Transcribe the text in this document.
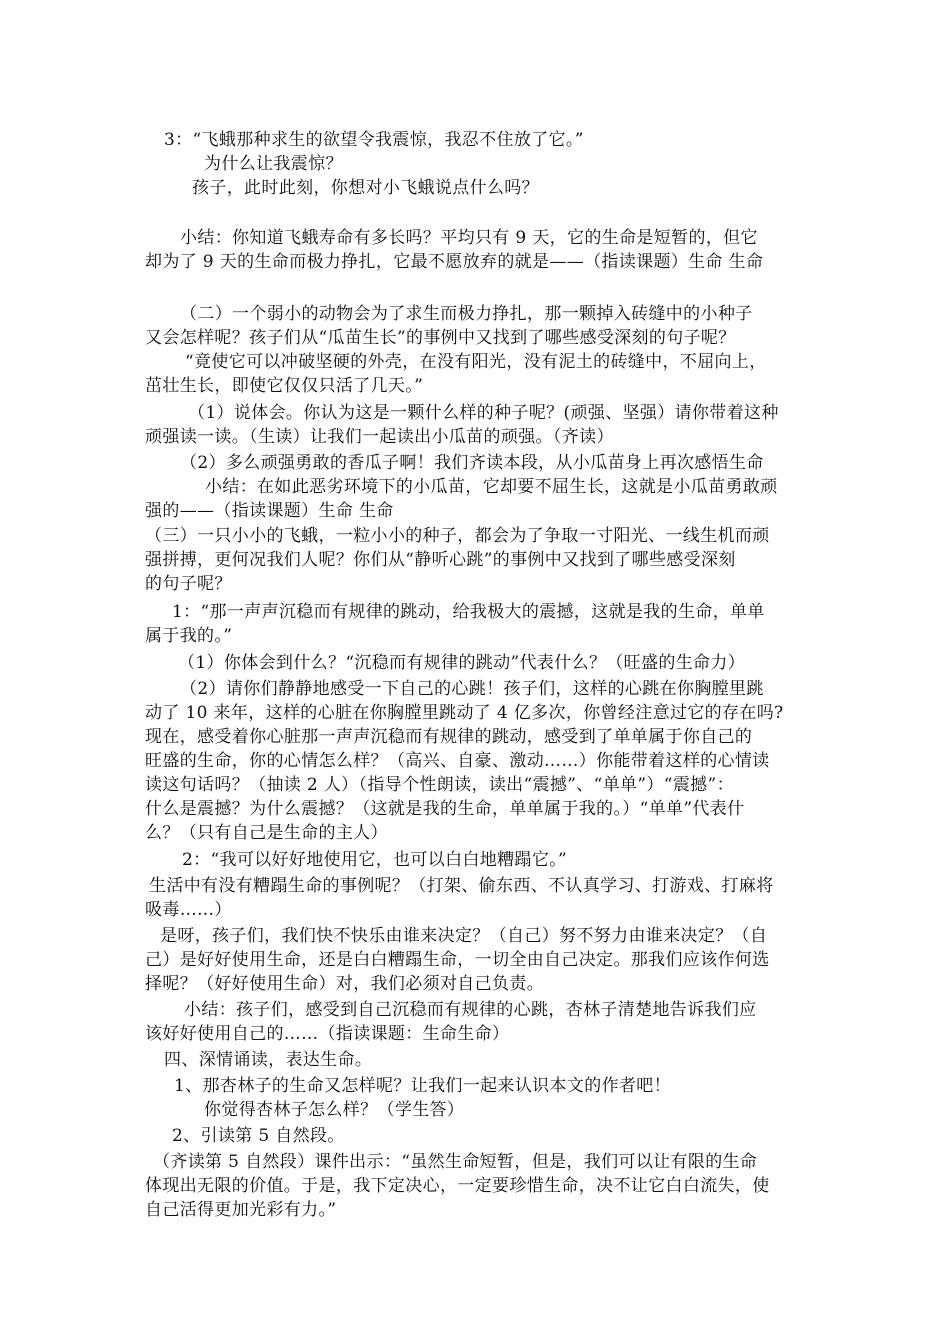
3：“飞蛾那种求生的欲望令我震惊，我忍不住放了它。”
为什么让我震惊？
孩子，此时此刻，你想对小飞蛾说点什么吗？
小结：你知道飞蛾寿命有多长吗？平均只有 9 天，它的生命是短暂的，但它
却为了 9 天的生命而极力挣扎，它最不愿放弃的就是——（指读课题）生命 生命
（二）一个弱小的动物会为了求生而极力挣扎，那一颗掉入砖缝中的小种子
又会怎样呢？孩子们从“瓜苗生长”的事例中又找到了哪些感受深刻的句子呢？
“竟使它可以冲破坚硬的外壳，在没有阳光，没有泥土的砖缝中，不屈向上，
茁壮生长，即使它仅仅只活了几天。”
（1）说体会。你认为这是一颗什么样的种子呢？(顽强、坚强）请你带着这种
顽强读一读。（生读）让我们一起读出小瓜苗的顽强。（齐读）
（2）多么顽强勇敢的香瓜子啊！我们齐读本段，从小瓜苗身上再次感悟生命
小结：在如此恶劣环境下的小瓜苗，它却要不屈生长，这就是小瓜苗勇敢顽
强的——（指读课题）生命 生命
（三）一只小小的飞蛾，一粒小小的种子，都会为了争取一寸阳光、一线生机而顽
强拼搏，更何况我们人呢？你们从“静听心跳”的事例中又找到了哪些感受深刻
的句子呢？
1：“那一声声沉稳而有规律的跳动，给我极大的震撼，这就是我的生命，单单
属于我的。”
（1）你体会到什么？“沉稳而有规律的跳动”代表什么？（旺盛的生命力）
（2）请你们静静地感受一下自己的心跳！孩子们，这样的心跳在你胸膛里跳
动了 10 来年，这样的心脏在你胸膛里跳动了 4 亿多次，你曾经注意过它的存在吗?
现在，感受着你心脏那一声声沉稳而有规律的跳动，感受到了单单属于你自己的
旺盛的生命，你的心情怎么样？（高兴、自豪、激动……）你能带着这样的心情读
读这句话吗？（抽读 2 人）（指导个性朗读，读出“震撼”、“单单”）“震撼”：
什么是震撼？为什么震撼？（这就是我的生命，单单属于我的。）“单单”代表什
么？（只有自己是生命的主人）
2：“我可以好好地使用它，也可以白白地糟蹋它。”
生活中有没有糟蹋生命的事例呢？（打架、偷东西、不认真学习、打游戏、打麻将
吸毒……）
是呀，孩子们，我们快不快乐由谁来决定？（自己）努不努力由谁来决定？（自
己）是好好使用生命，还是白白糟蹋生命，一切全由自己决定。那我们应该作何选
择呢？（好好使用生命）对，我们必须对自己负责。
小结：孩子们，感受到自己沉稳而有规律的心跳，杏林子清楚地告诉我们应
该好好使用自己的……（指读课题：生命生命）
四、深情诵读，表达生命。
1、那杏林子的生命又怎样呢？让我们一起来认识本文的作者吧！
你觉得杏林子怎么样？（学生答）
2、引读第 5 自然段。
（齐读第 5 自然段）课件出示：“虽然生命短暂，但是，我们可以让有限的生命
体现出无限的价值。于是，我下定决心，一定要珍惜生命，决不让它白白流失，使
自己活得更加光彩有力。”
